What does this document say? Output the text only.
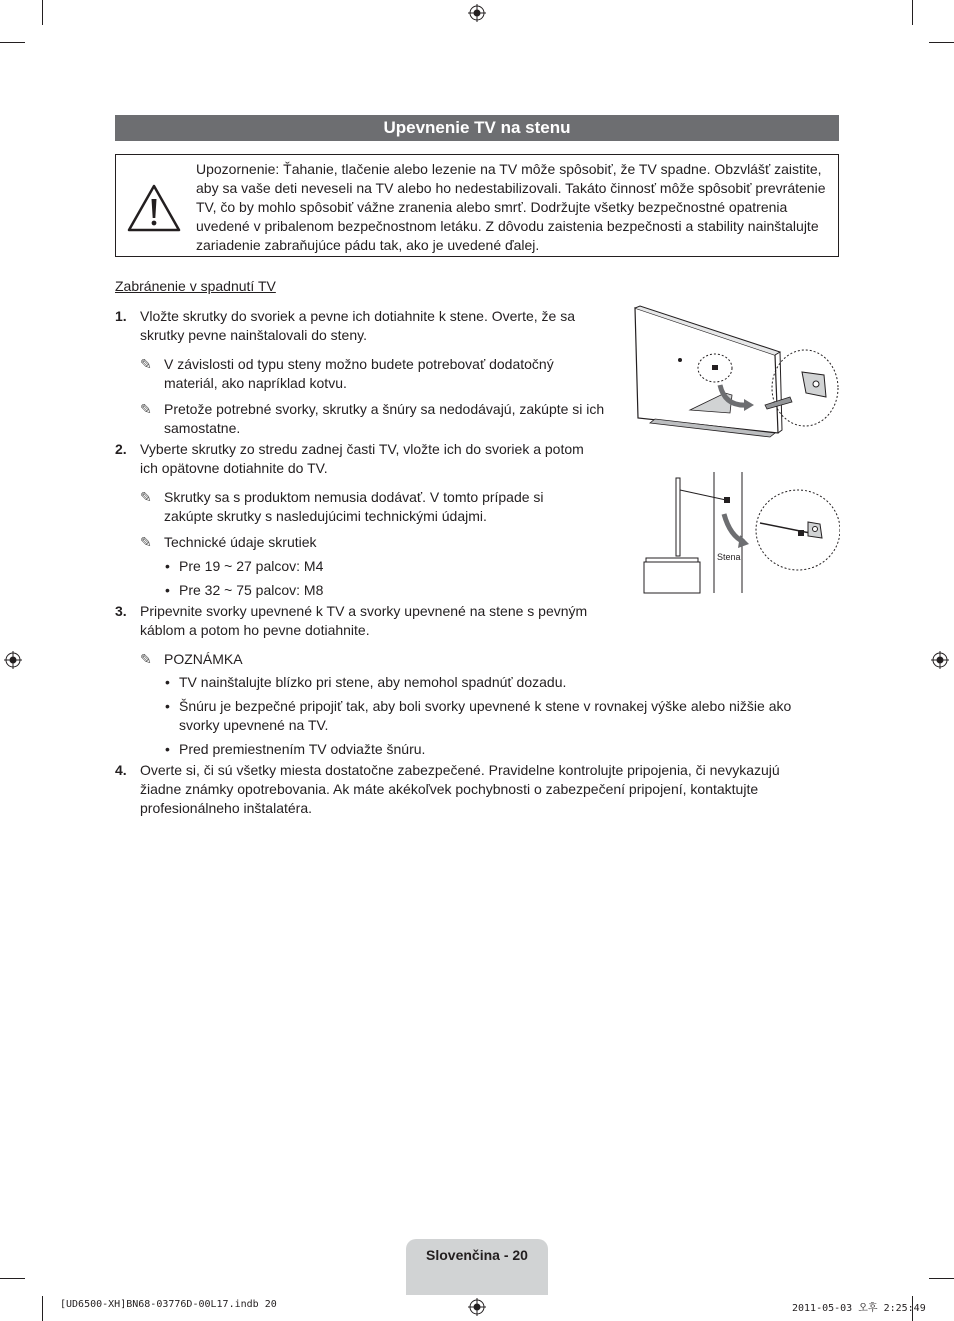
Upevnenie TV na stenu
Upozornenie: Ťahanie, tlačenie alebo lezenie na TV môže spôsobiť, že TV spadne. Obzvlášť zaistite, aby sa vaše deti neveseli na TV alebo ho nedestabilizovali. Takáto činnosť môže spôsobiť prevrátenie TV, čo by mohlo spôsobiť vážne zranenia alebo smrť. Dodržujte všetky bezpečnostné opatrenia uvedené v pribalenom bezpečnostnom letáku. Z dôvodu zaistenia bezpečnosti a stability nainštalujte zariadenie zabraňujúce pádu tak, ako je uvedené ďalej.
Zabránenie v spadnutí TV
1. Vložte skrutky do svoriek a pevne ich dotiahnite k stene. Overte, že sa skrutky pevne nainštalovali do steny.
✎ V závislosti od typu steny možno budete potrebovať dodatočný materiál, ako napríklad kotvu.
✎ Pretože potrebné svorky, skrutky a šnúry sa nedodávajú, zakúpte si ich samostatne.
2. Vyberte skrutky zo stredu zadnej časti TV, vložte ich do svoriek a potom ich opätovne dotiahnite do TV.
✎ Skrutky sa s produktom nemusia dodávať. V tomto prípade si zakúpte skrutky s nasledujúcimi technickými údajmi.
✎ Technické údaje skrutiek
• Pre 19 ~ 27 palcov: M4
• Pre 32 ~ 75 palcov: M8
3. Pripevnite svorky upevnené k TV a svorky upevnené na stene s pevným káblom a potom ho pevne dotiahnite.
✎ POZNÁMKA
• TV nainštalujte blízko pri stene, aby nemohol spadnúť dozadu.
• Šnúru je bezpečné pripojiť tak, aby boli svorky upevnené k stene v rovnakej výške alebo nižšie ako svorky upevnené na TV.
• Pred premiestnením TV odviažte šnúru.
4. Overte si, či sú všetky miesta dostatočne zabezpečené. Pravidelne kontrolujte pripojenia, či nevykazujú žiadne známky opotrebovania. Ak máte akékoľvek pochybnosti o zabezpečení pripojení, kontaktujte profesionálneho inštalatéra.
Stena
Slovenčina - 20
[UD6500-XH]BN68-03776D-00L17.indb 20	2011-05-03 오후 2:25:49
